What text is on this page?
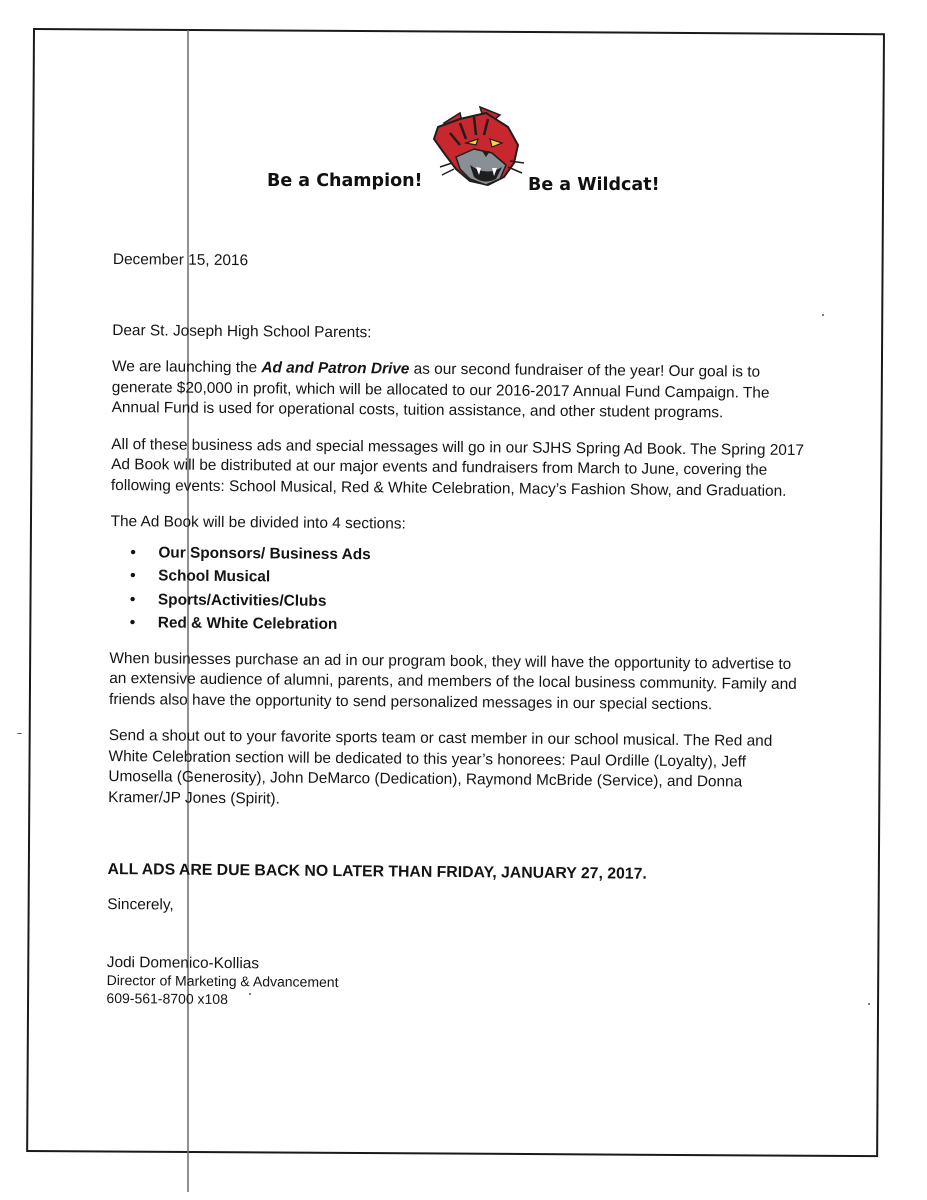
Be a Champion!	Be a Wildcat!

December 15, 2016

Dear St. Joseph High School Parents:

We are launching the Ad and Patron Drive as our second fundraiser of the year! Our goal is to generate $20,000 in profit, which will be allocated to our 2016-2017 Annual Fund Campaign. The Annual Fund is used for operational costs, tuition assistance, and other student programs.

All of these business ads and special messages will go in our SJHS Spring Ad Book. The Spring 2017 Ad Book will be distributed at our major events and fundraisers from March to June, covering the following events: School Musical, Red & White Celebration, Macy’s Fashion Show, and Graduation.

The Ad Book will be divided into 4 sections:

• Our Sponsors/ Business Ads
• School Musical
• Sports/Activities/Clubs
• Red & White Celebration

When businesses purchase an ad in our program book, they will have the opportunity to advertise to an extensive audience of alumni, parents, and members of the local business community. Family and friends also have the opportunity to send personalized messages in our special sections.

Send a shout out to your favorite sports team or cast member in our school musical. The Red and White Celebration section will be dedicated to this year’s honorees: Paul Ordille (Loyalty), Jeff Umosella (Generosity), John DeMarco (Dedication), Raymond McBride (Service), and Donna Kramer/JP Jones (Spirit).

ALL ADS ARE DUE BACK NO LATER THAN FRIDAY, JANUARY 27, 2017.

Sincerely,

Jodi Domenico-Kollias

Director of Marketing & Advancement

609-561-8700 x108
